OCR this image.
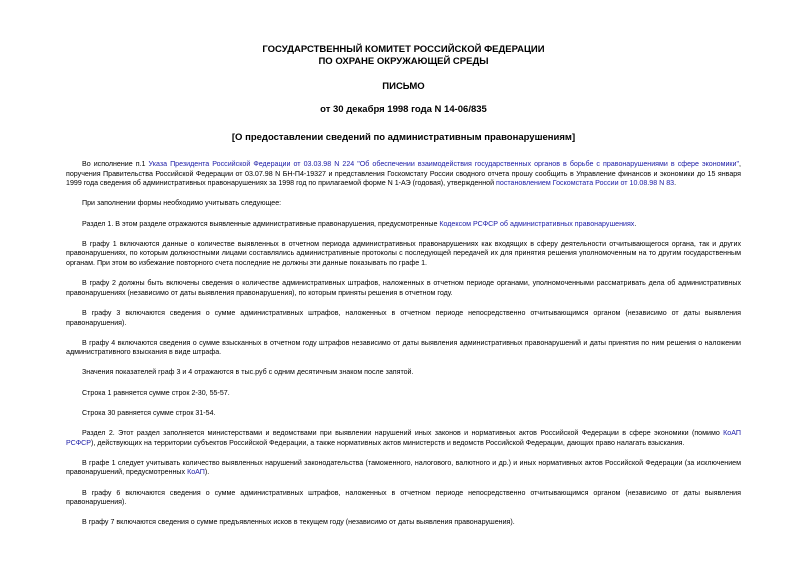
ГОСУДАРСТВЕННЫЙ КОМИТЕТ РОССИЙСКОЙ ФЕДЕРАЦИИ
ПО ОХРАНЕ ОКРУЖАЮЩЕЙ СРЕДЫ
ПИСЬМО
от 30 декабря 1998 года N 14-06/835
[О предоставлении сведений по административным правонарушениям]

Во исполнение п.1 Указа Президента Российской Федерации от 03.03.98 N 224 "Об обеспечении взаимодействия государственных органов в борьбе с правонарушениями в сфере экономики", поручения Правительства Российской Федерации от 03.07.98 N БН-П4-19327 и представления Госкомстату России сводного отчета прошу сообщить в Управление финансов и экономики до 15 января 1999 года сведения об административных правонарушениях за 1998 год по прилагаемой форме N 1-АЭ (годовая), утвержденной постановлением Госкомстата России от 10.08.98 N 83.

При заполнении формы необходимо учитывать следующее:

Раздел 1. В этом разделе отражаются выявленные административные правонарушения, предусмотренные Кодексом РСФСР об административных правонарушениях.

В графу 1 включаются данные о количестве выявленных в отчетном периода административных правонарушениях как входящих в сферу деятельности отчитывающегося органа, так и других правонарушениях, по которым должностными лицами составлялись административные протоколы с последующей передачей их для принятия решения уполномоченным на то другим государственным органам. При этом во избежание повторного счета последние не должны эти данные показывать по графе 1.

В графу 2 должны быть включены сведения о количестве административных штрафов, наложенных в отчетном периоде органами, уполномоченными рассматривать дела об административных правонарушениях (независимо от даты выявления правонарушения), по которым приняты решения в отчетном году.

В графу 3 включаются сведения о сумме административных штрафов, наложенных в отчетном периоде непосредственно отчитывающимся органом (независимо от даты выявления правонарушения).

В графу 4 включаются сведения о сумме взысканных в отчетном году штрафов независимо от даты выявления административных правонарушений и даты принятия по ним решения о наложении административного взыскания в виде штрафа.

Значения показателей граф 3 и 4 отражаются в тыс.руб с одним десятичным знаком после запятой.

Строка 1 равняется сумме строк 2-30, 55-57.

Строка 30 равняется сумме строк 31-54.

Раздел 2. Этот раздел заполняется министерствами и ведомствами при выявлении нарушений иных законов и нормативных актов Российской Федерации в сфере экономики (помимо КоАП РСФСР), действующих на территории субъектов Российской Федерации, а также нормативных актов министерств и ведомств Российской Федерации, дающих право налагать взыскания.

В графе 1 следует учитывать количество выявленных нарушений законодательства (таможенного, налогового, валютного и др.) и иных нормативных актов Российской Федерации (за исключением правонарушений, предусмотренных КоАП).

В графу 6 включаются сведения о сумме административных штрафов, наложенных в отчетном периоде непосредственно отчитывающимся органом (независимо от даты выявления правонарушения).

В графу 7 включаются сведения о сумме предъявленных исков в текущем году (независимо от даты выявления правонарушения).
